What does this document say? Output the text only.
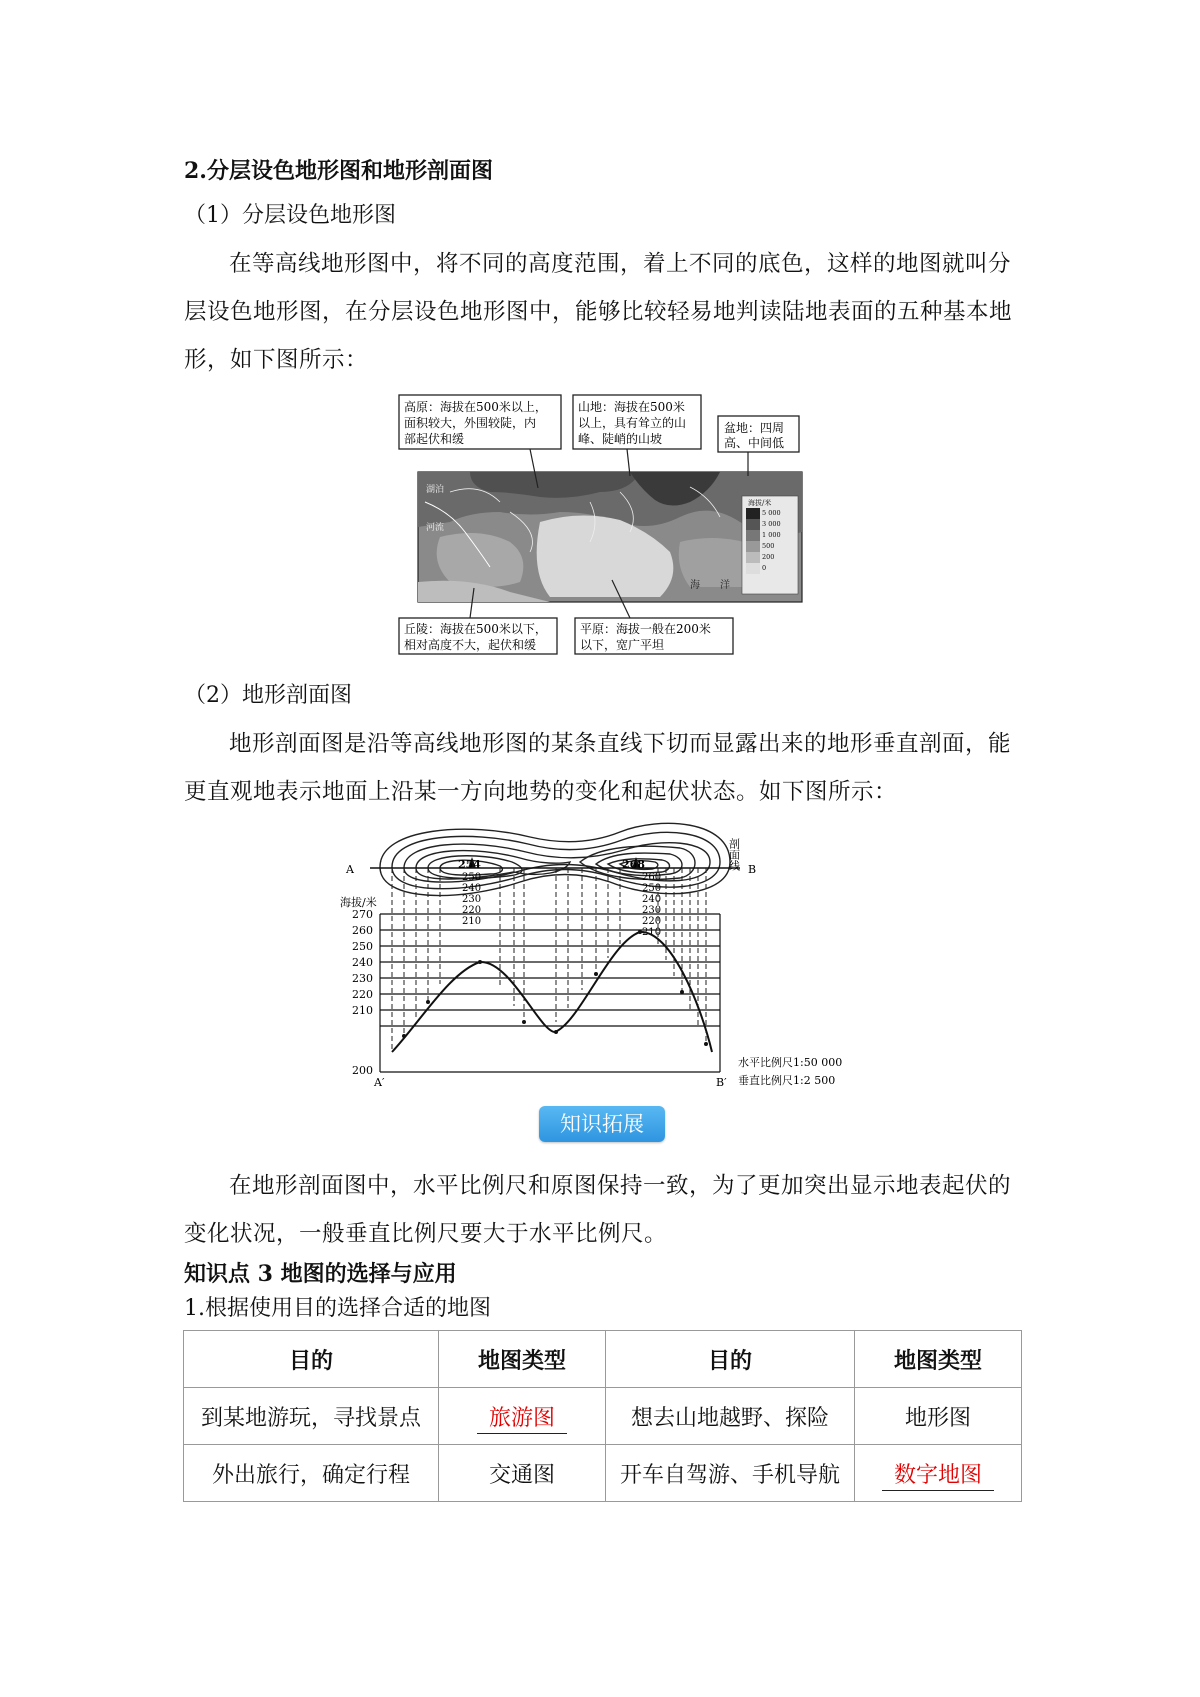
2.分层设色地形图和地形剖面图
（1）分层设色地形图
在等高线地形图中，将不同的高度范围，着上不同的底色，这样的地图就叫分层设色地形图，在分层设色地形图中，能够比较轻易地判读陆地表面的五种基本地形，如下图所示：
海拔/米
5 000
3 000
1 000
500
200
0
湖泊
河流
海　　洋
高原：海拔在500米以上，
面积较大，外围较陡，内
部起伏和缓
山地：海拔在500米
以上，具有耸立的山
峰、陡峭的山坡
盆地：四周
高、中间低
丘陵：海拔在500米以下，
相对高度不大，起伏和缓
平原：海拔一般在200米
以下，宽广平坦
（2）地形剖面图
地形剖面图是沿等高线地形图的某条直线下切而显露出来的地形垂直剖面，能更直观地表示地面上沿某一方向地势的变化和起伏状态。如下图所示：
A	B
剖面线
254	268
250
240
230
220
210
260
250
240
230
220
210
海拔/米
270
260
250
240
230
220
210
200
A′	B′
水平比例尺1:50 000
垂直比例尺1:2 500
知识拓展
在地形剖面图中，水平比例尺和原图保持一致，为了更加突出显示地表起伏的变化状况，一般垂直比例尺要大于水平比例尺。
知识点 3 地图的选择与应用
1.根据使用目的选择合适的地图
目的	地图类型	目的	地图类型
到某地游玩，寻找景点	旅游图	想去山地越野、探险	地形图
外出旅行，确定行程	交通图	开车自驾游、手机导航	数字地图
